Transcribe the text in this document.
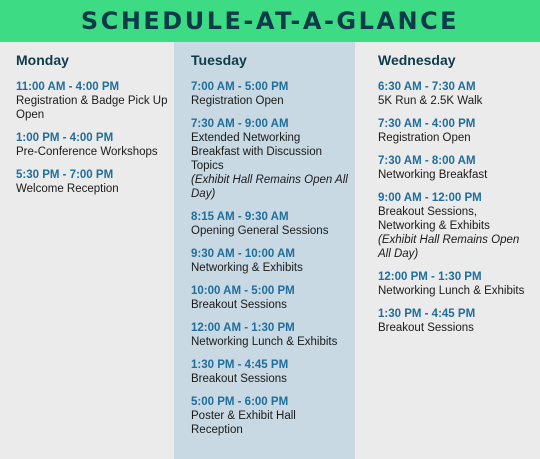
SCHEDULE-AT-A-GLANCE
Monday
11:00 AM - 4:00 PM
Registration & Badge Pick Up Open
1:00 PM - 4:00 PM
Pre-Conference Workshops
5:30 PM - 7:00 PM
Welcome Reception
Tuesday
7:00 AM - 5:00 PM
Registration Open
7:30 AM - 9:00 AM
Extended Networking Breakfast with Discussion Topics
(Exhibit Hall Remains Open All Day)
8:15 AM - 9:30 AM
Opening General Sessions
9:30 AM - 10:00 AM
Networking & Exhibits
10:00 AM - 5:00 PM
Breakout Sessions
12:00 AM - 1:30 PM
Networking Lunch & Exhibits
1:30 PM - 4:45 PM
Breakout Sessions
5:00 PM - 6:00 PM
Poster & Exhibit Hall Reception
Wednesday
6:30 AM - 7:30 AM
5K Run & 2.5K Walk
7:30 AM - 4:00 PM
Registration Open
7:30 AM - 8:00 AM
Networking Breakfast
9:00 AM - 12:00 PM
Breakout Sessions, Networking & Exhibits
(Exhibit Hall Remains Open All Day)
12:00 PM - 1:30 PM
Networking Lunch & Exhibits
1:30 PM - 4:45 PM
Breakout Sessions
